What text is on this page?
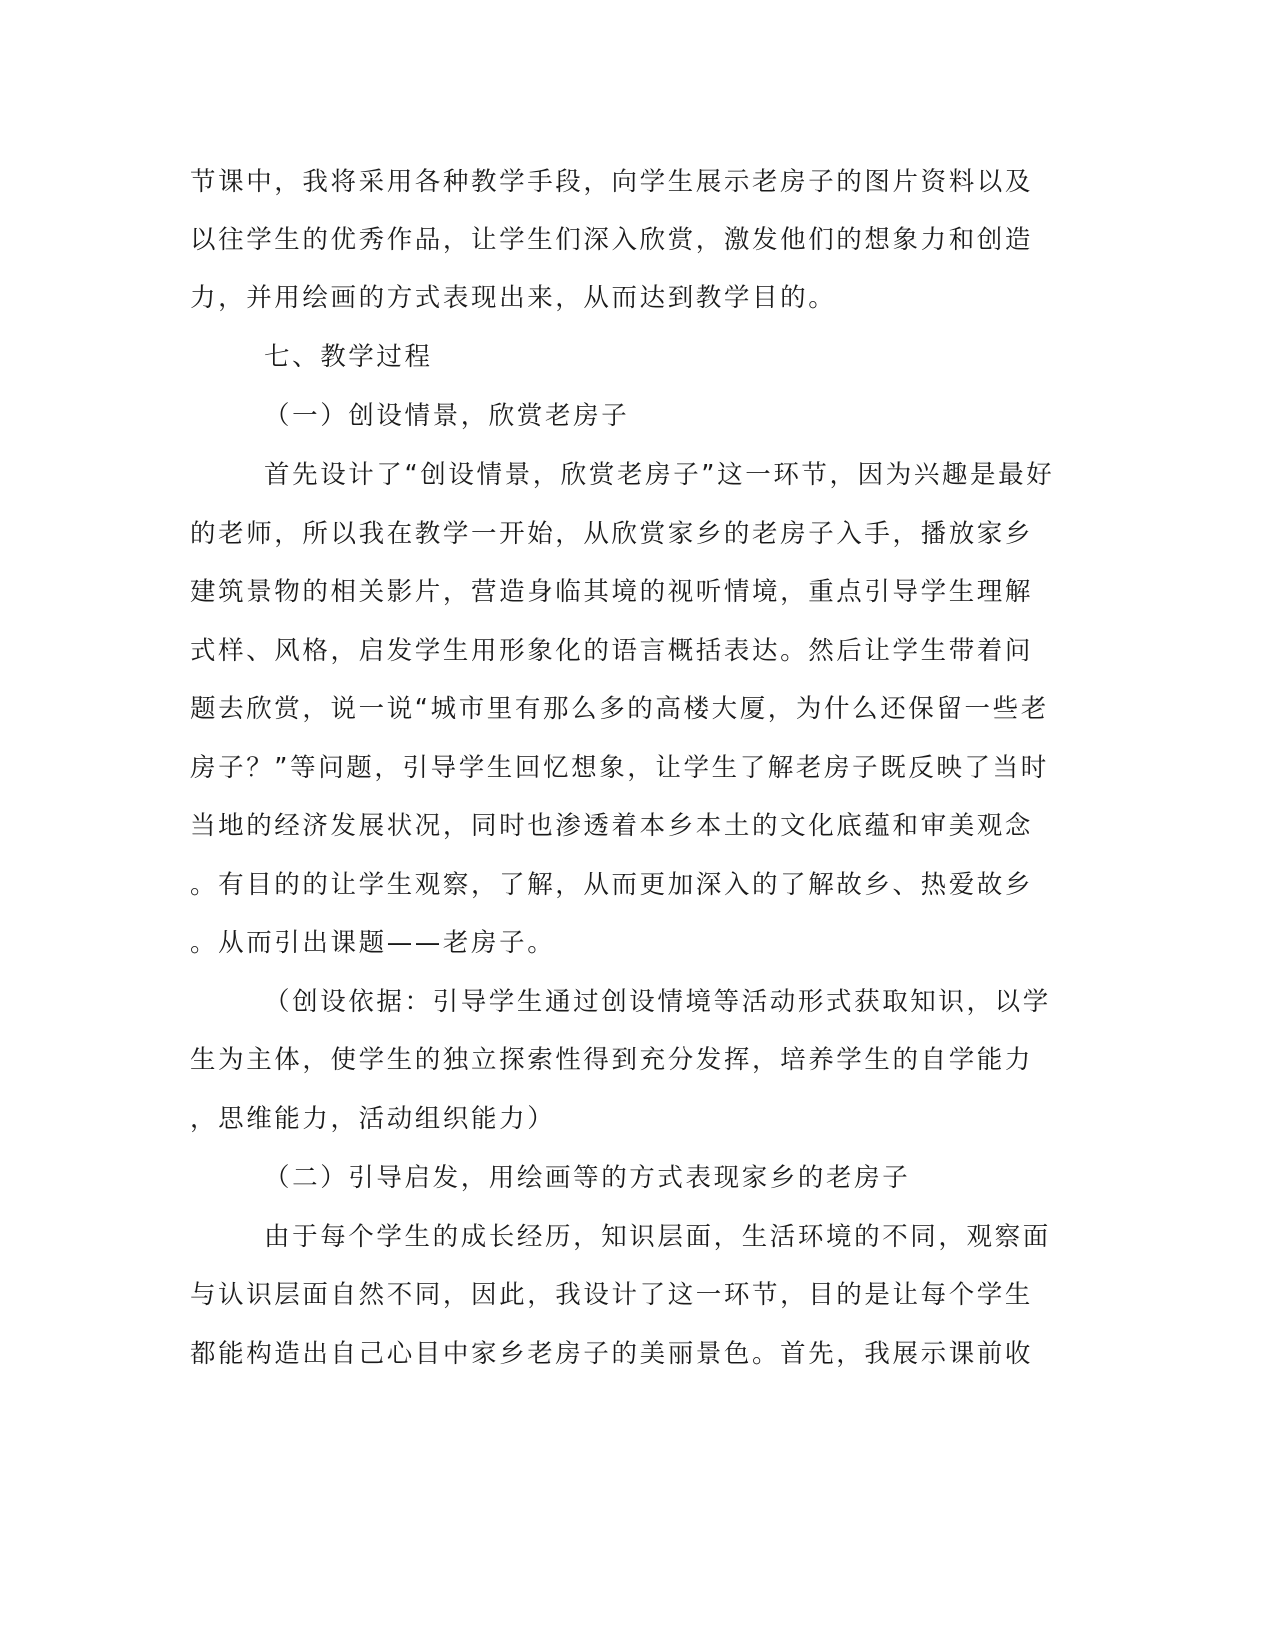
节课中，我将采用各种教学手段，向学生展示老房子的图片资料以及
以往学生的优秀作品，让学生们深入欣赏，激发他们的想象力和创造
力，并用绘画的方式表现出来，从而达到教学目的。
七、教学过程
（一）创设情景，欣赏老房子
首先设计了“创设情景，欣赏老房子”这一环节，因为兴趣是最好
的老师，所以我在教学一开始，从欣赏家乡的老房子入手，播放家乡
建筑景物的相关影片，营造身临其境的视听情境，重点引导学生理解
式样、风格，启发学生用形象化的语言概括表达。然后让学生带着问
题去欣赏，说一说“城市里有那么多的高楼大厦，为什么还保留一些老
房子？”等问题，引导学生回忆想象，让学生了解老房子既反映了当时
当地的经济发展状况，同时也渗透着本乡本土的文化底蕴和审美观念
。有目的的让学生观察，了解，从而更加深入的了解故乡、热爱故乡
。从而引出课题——老房子。
（创设依据：引导学生通过创设情境等活动形式获取知识，以学
生为主体，使学生的独立探索性得到充分发挥，培养学生的自学能力
，思维能力，活动组织能力）
（二）引导启发，用绘画等的方式表现家乡的老房子
由于每个学生的成长经历，知识层面，生活环境的不同，观察面
与认识层面自然不同，因此，我设计了这一环节，目的是让每个学生
都能构造出自己心目中家乡老房子的美丽景色。首先，我展示课前收
